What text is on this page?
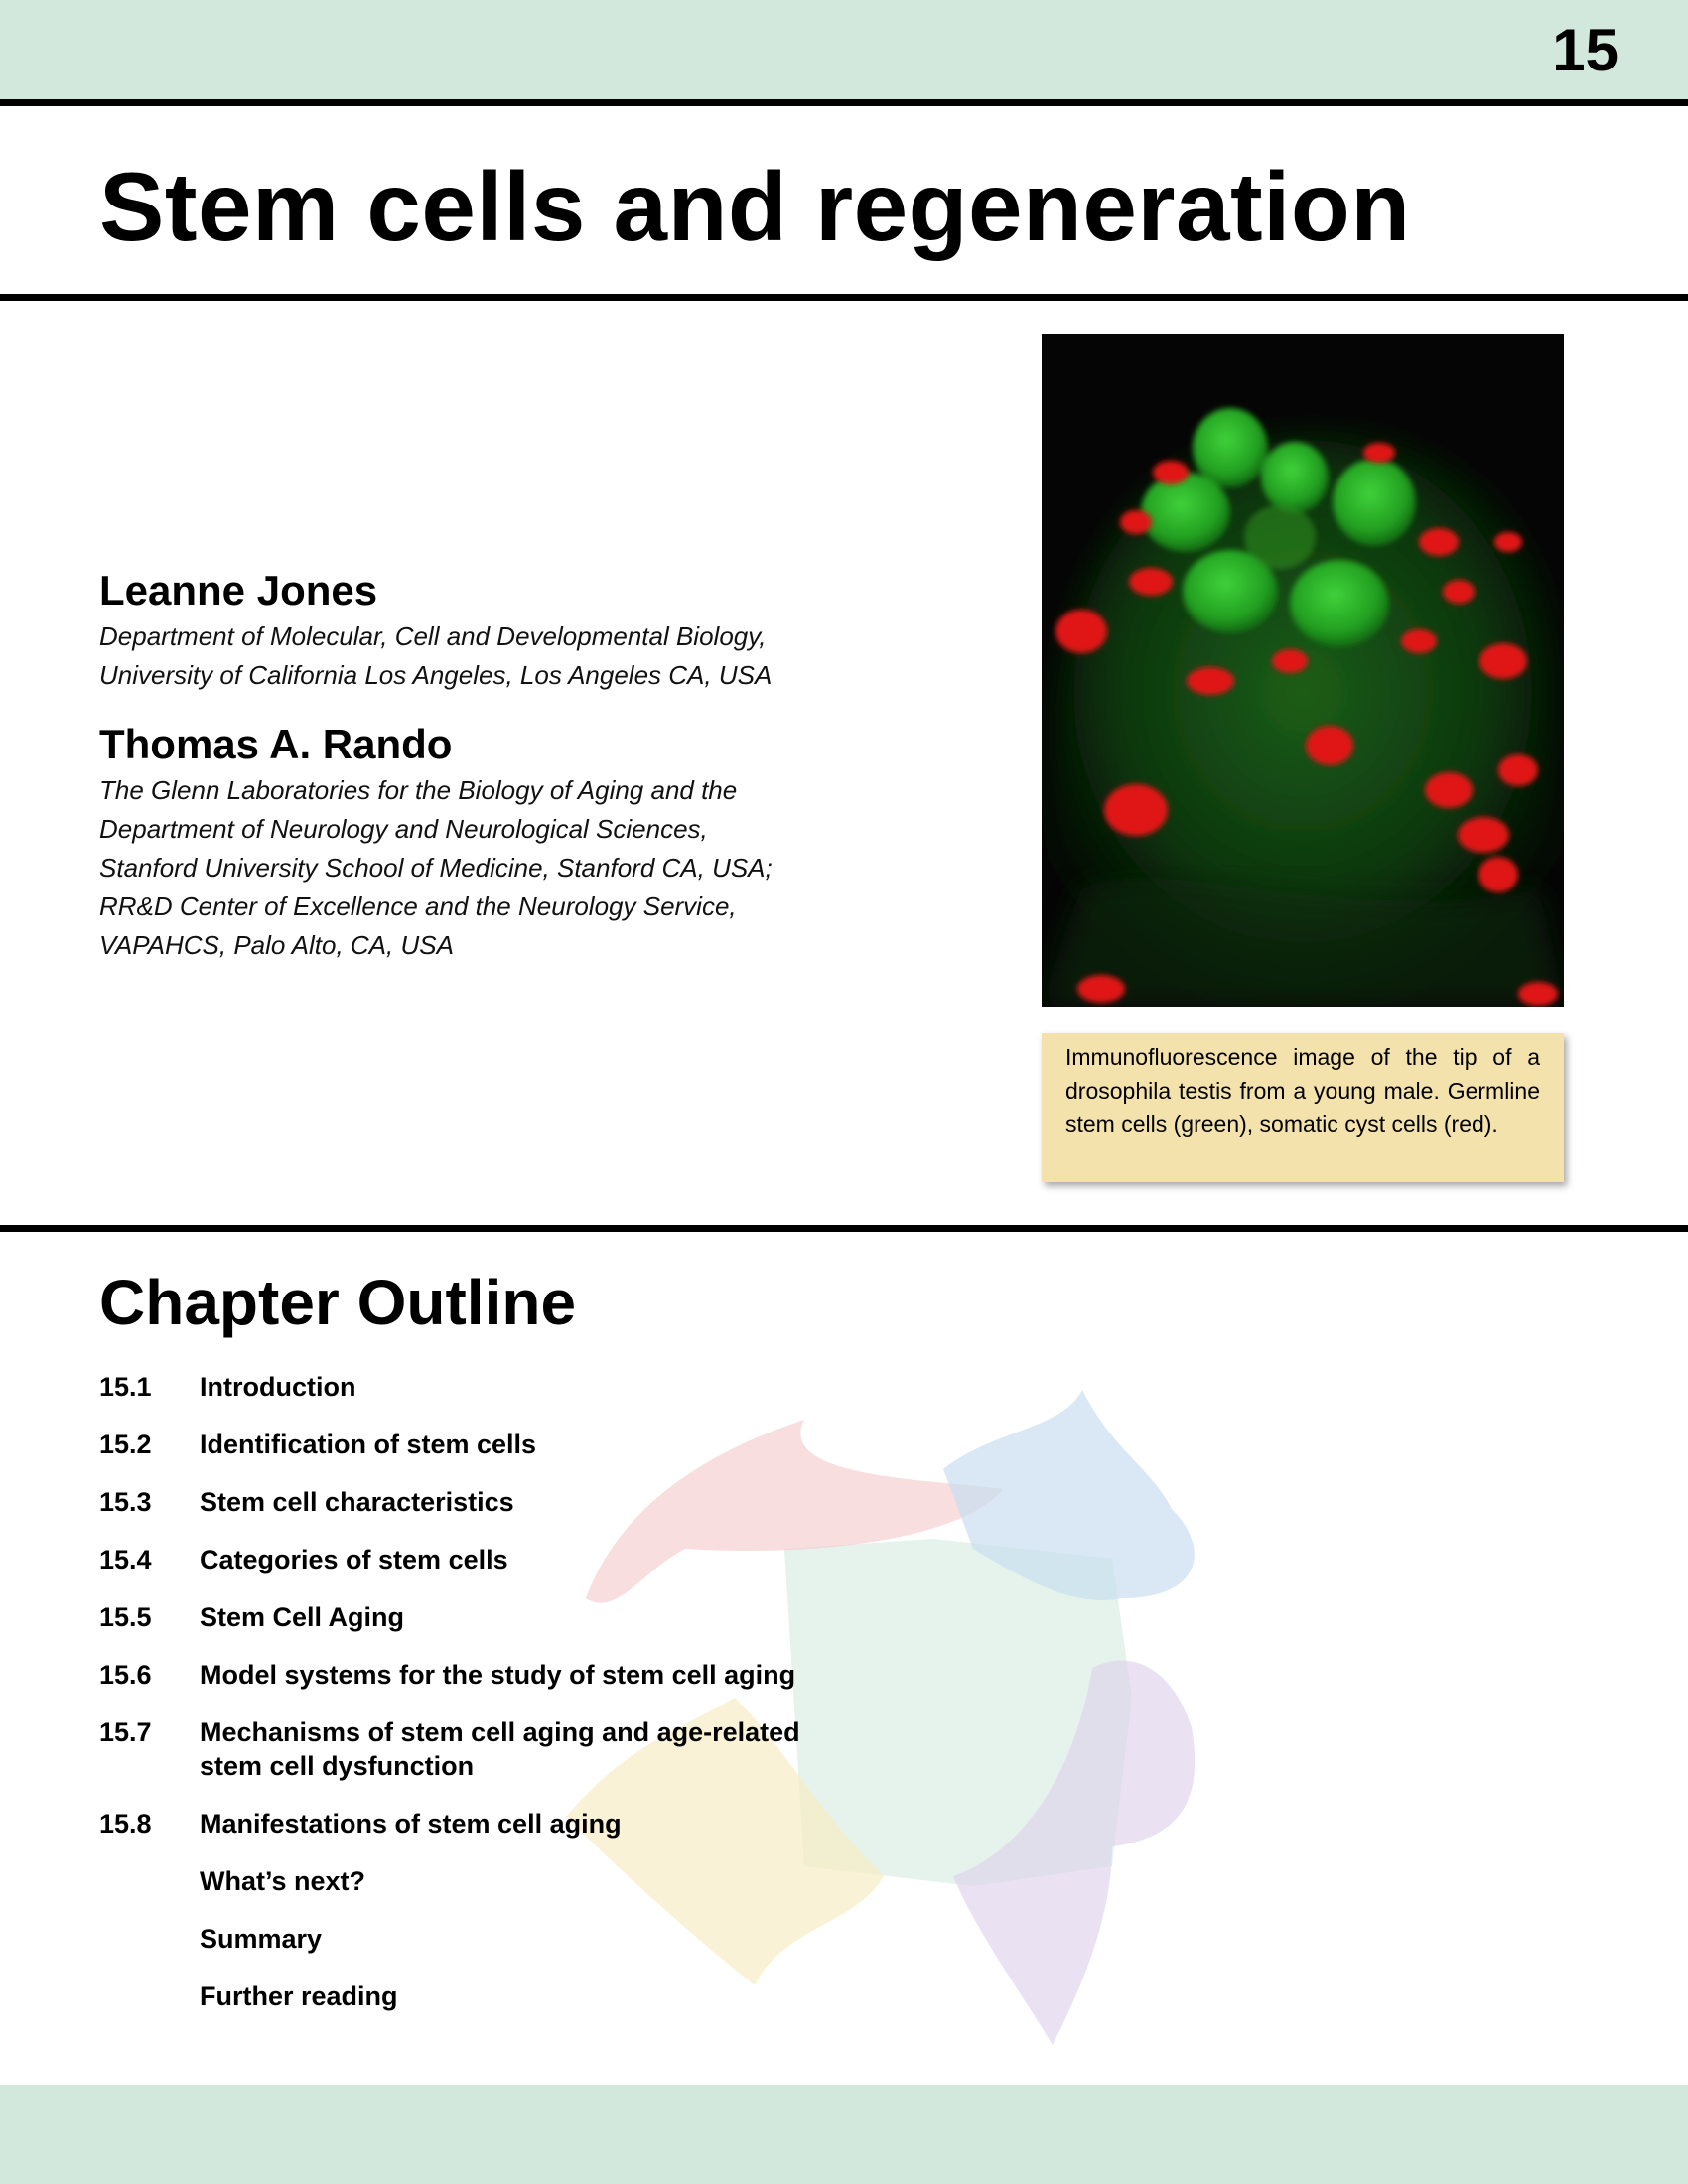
15
Stem cells and regeneration

Leanne Jones

Department of Molecular, Cell and Developmental Biology,

University of California Los Angeles, Los Angeles CA, USA

Thomas A. Rando

The Glenn Laboratories for the Biology of Aging and the

Department of Neurology and Neurological Sciences,

Stanford University School of Medicine, Stanford CA, USA;

RR&D Center of Excellence and the Neurology Service,

VAPAHCS, Palo Alto, CA, USA

Immunofluorescence image of the tip of a drosophila testis from a young male. Germline stem cells (green), somatic cyst cells (red).
Chapter Outline
15.1 Introduction
15.2 Identification of stem cells
15.3 Stem cell characteristics
15.4 Categories of stem cells
15.5 Stem Cell Aging
15.6 Model systems for the study of stem cell aging
15.7 Mechanisms of stem cell aging and age-related
stem cell dysfunction
15.8 Manifestations of stem cell aging
What’s next?
Summary
Further reading
